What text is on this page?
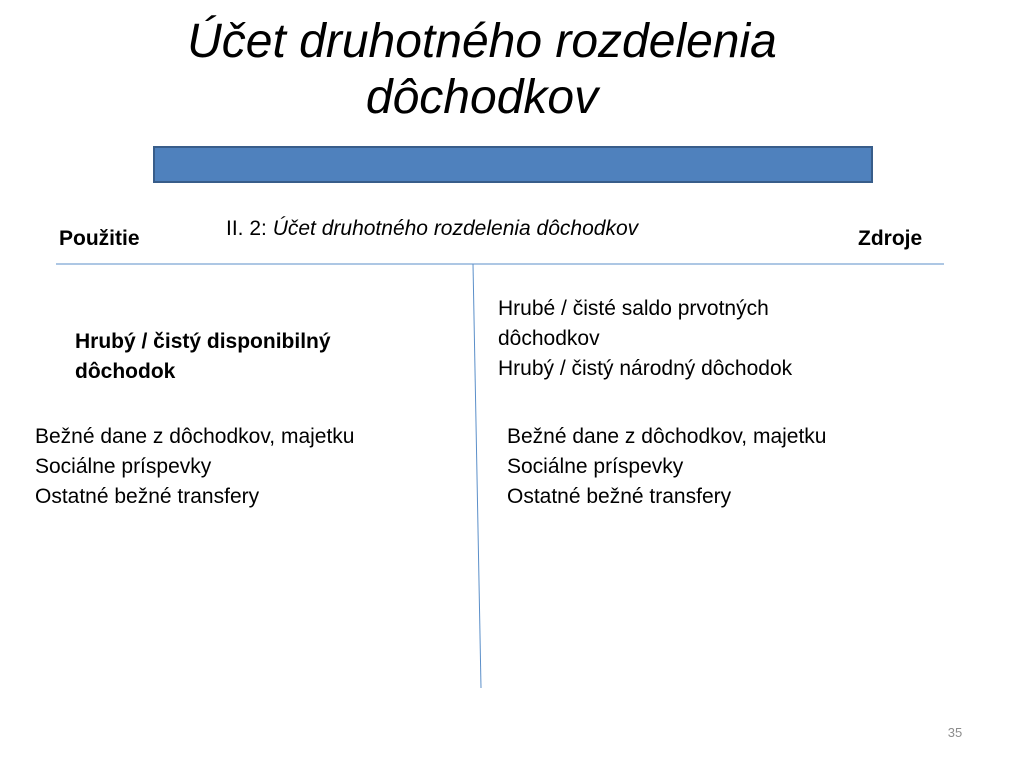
Účet druhotného rozdelenia
dôchodkov
II. 2: Účet druhotného rozdelenia dôchodkov
Použitie	Zdroje
Hrubý / čistý disponibilný
dôchodok
Hrubé / čisté saldo prvotných
dôchodkov
Hrubý / čistý národný dôchodok
Bežné dane z dôchodkov, majetku
Sociálne príspevky
Ostatné bežné transfery
Bežné dane z dôchodkov, majetku
Sociálne príspevky
Ostatné bežné transfery
35
